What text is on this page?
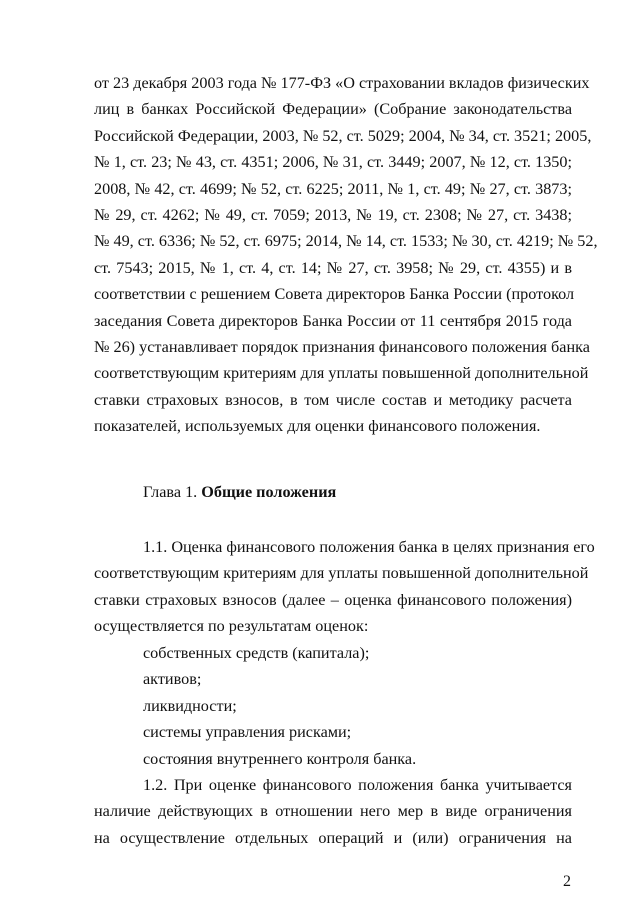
от 23 декабря 2003 года № 177-ФЗ «О страховании вкладов физических
лиц в банках Российской Федерации» (Собрание законодательства
Российской Федерации, 2003, № 52, ст. 5029; 2004, № 34, ст. 3521; 2005,
№ 1, ст. 23; № 43, ст. 4351; 2006, № 31, ст. 3449; 2007, № 12, ст. 1350;
2008, № 42, ст. 4699; № 52, ст. 6225; 2011, № 1, ст. 49; № 27, ст. 3873;
№ 29, ст. 4262; № 49, ст. 7059; 2013, № 19, ст. 2308; № 27, ст. 3438;
№ 49, ст. 6336; № 52, ст. 6975; 2014, № 14, ст. 1533; № 30, ст. 4219; № 52,
ст. 7543; 2015, № 1, ст. 4, ст. 14; № 27, ст. 3958; № 29, ст. 4355) и в
соответствии с решением Совета директоров Банка России (протокол
заседания Совета директоров Банка России от 11 сентября 2015 года
№ 26) устанавливает порядок признания финансового положения банка
соответствующим критериям для уплаты повышенной дополнительной
ставки страховых взносов, в том числе состав и методику расчета
показателей, используемых для оценки финансового положения.
Глава 1. Общие положения
1.1. Оценка финансового положения банка в целях признания его
соответствующим критериям для уплаты повышенной дополнительной
ставки страховых взносов (далее – оценка финансового положения)
осуществляется по результатам оценок:
собственных средств (капитала);
активов;
ликвидности;
системы управления рисками;
состояния внутреннего контроля банка.
1.2. При оценке финансового положения банка учитывается
наличие действующих в отношении него мер в виде ограничения
на осуществление отдельных операций и (или) ограничения на
2
